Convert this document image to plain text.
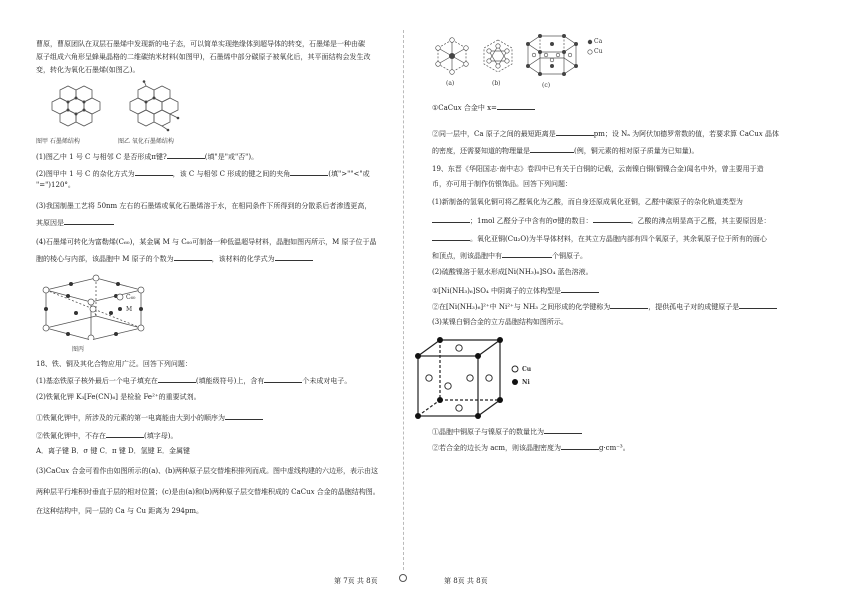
曹原，曹原团队在双层石墨烯中发现新的电子态，可以简单实现绝缘体到超导体的转变，石墨烯是一种由碳
原子组成六角形呈蜂巢晶格的二维碳纳米材料(如图甲)，石墨烯中部分碳原子被氧化后，其平面结构会发生改
变，转化为氧化石墨烯(如图乙)。
图甲 石墨烯结构	图乙 氧化石墨烯结构
(1)图乙中 1 号 C 与相邻 C 是否形成π键?	(填"是"或"否")。
(2)图甲中 1 号 C 的杂化方式为	，该 C 与相邻 C 形成的键之间的夹角	(填">""<"或
"=")120°。
(3)我国制墨工艺将 50nm 左右的石墨烯或氧化石墨烯溶于水，在相同条件下所得到的分散系后者渗透更高，
其原因是
(4)石墨烯可转化为富勒烯(C₆₀)，某金属 M 与 C₆₀可制备一种低温超导材料，晶胞如图丙所示，M 原子位于晶
胞的棱心与内部，该晶胞中 M 原子的个数为	，该材料的化学式为
C₆₀
M
图丙
18、铁、铜及其化合物应用广泛。回答下列问题：
(1)基态铁原子核外最后一个电子填充在	(填能级符号)上，含有	个未成对电子。
(2)铁氰化钾 K₃[Fe(CN)₆] 是检验 Fe²⁺的重要试剂。
①铁氰化钾中，所涉及的元素的第一电离能由大到小的顺序为
②铁氰化钾中，不存在	(填字母)。
A．离子键 B．σ 键 C．π 键 D．氢键 E．金属键
(3)CaCu𝑥 合金可看作由如图所示的(a)、(b)两种原子层交替堆积排列而成。图中虚线构建的六边形，表示由这
两种层平行堆积时垂直于层的相对位置；(c)是由(a)和(b)两种原子层交替堆积成的 CaCu𝑥 合金的晶胞结构图。
在这种结构中，同一层的 Ca 与 Cu 距离为 294pm。
第 7页 共 8页
(a)	(b)
Ca
Cu
(c)
①CaCu𝑥 合金中 x=
②同一层中，Ca 原子之间的最短距离是	pm；设 Nₐ 为阿伏加德罗常数的值，若要求算 CaCu𝑥 晶体
的密度，还需要知道的物理量是	(例，铜元素的相对原子质量为已知量)。
19、东晋《华阳国志·南中志》卷四中已有关于白铜的记载，云南镍白铜(铜镍合金)闻名中外，曾主要用于造
币，亦可用于制作仿银饰品。回答下列问题：
(1)新制备的氢氧化铜可将乙醛氧化为乙酸，而自身还原成氧化亚铜，乙醛中碳原子的杂化轨道类型为
；1mol 乙醛分子中含有的σ键的数目：	。乙酸的沸点明显高于乙醛，其主要原因是：
。氧化亚铜(Cu₂O)为半导体材料，在其立方晶胞内部有四个氧原子，其余氧原子位于所有的面心
和顶点，则该晶胞中有	个铜原子。
(2)硫酸镍溶于氨水形成[Ni(NH₃)₆]SO₄ 蓝色溶液。
①[Ni(NH₃)₆]SO₄ 中阴离子的立体构型是
②在[Ni(NH₃)₆]²⁺中 Ni²⁺与 NH₃ 之间形成的化学键称为	，提供孤电子对的成键原子是
(3)某镍白铜合金的立方晶胞结构如图所示。
Cu
Ni
①晶胞中铜原子与镍原子的数量比为
②若合金的边长为 acm，则该晶胞密度为	g·cm⁻³。
第 8页 共 8页
